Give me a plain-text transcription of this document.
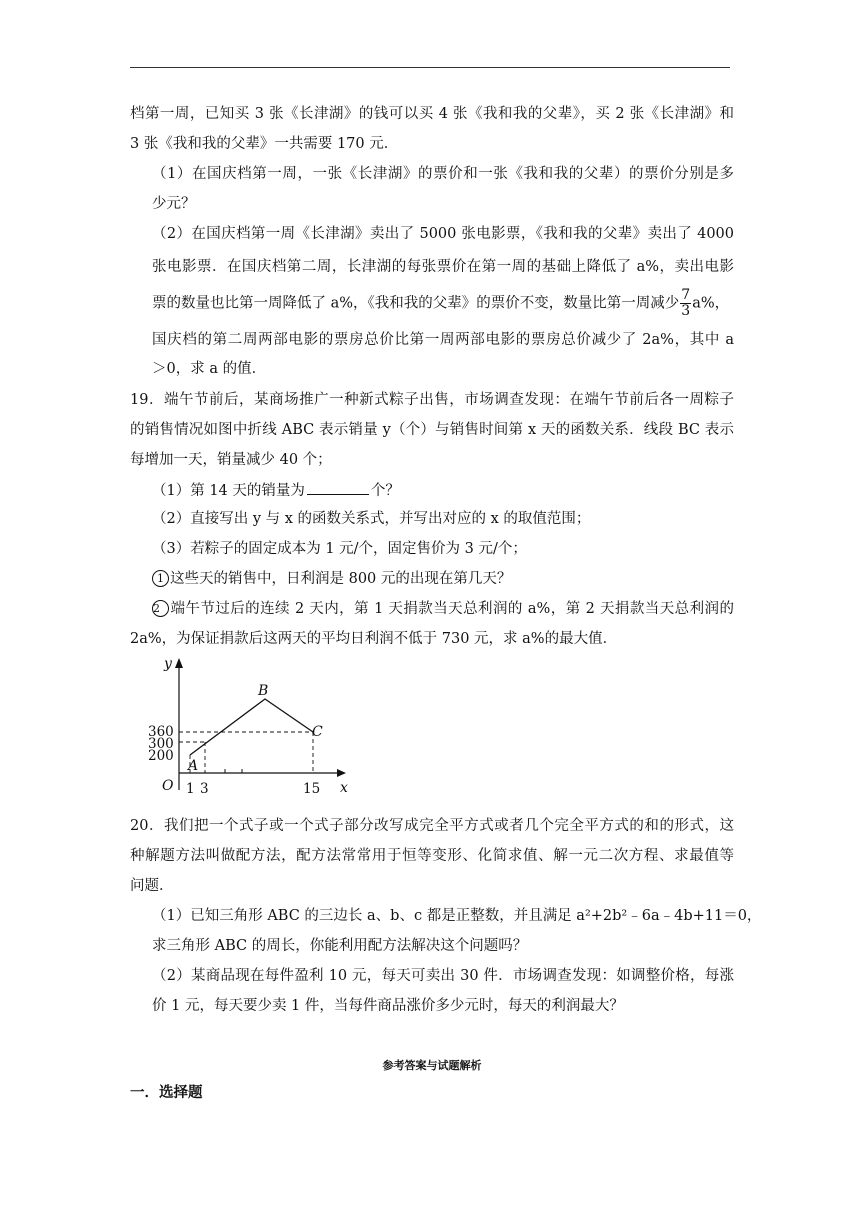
档第一周，已知买 3 张《长津湖》的钱可以买 4 张《我和我的父辈》，买 2 张《长津湖》和
3 张《我和我的父辈》一共需要 170 元．
（1）在国庆档第一周，一张《长津湖》的票价和一张《我和我的父辈）的票价分别是多
少元？
（2）在国庆档第一周《长津湖》卖出了 5000 张电影票，《我和我的父辈》卖出了 4000
张电影票．在国庆档第二周，长津湖的每张票价在第一周的基础上降低了 a%，卖出电影
票的数量也比第一周降低了 a%，《我和我的父辈》的票价不变，数量比第一周减少 $\frac{7}{3} a\%$，
国庆档的第二周两部电影的票房总价比第一周两部电影的票房总价减少了 2a%，其中 a
＞0，求 a 的值．
19．端午节前后，某商场推广一种新式粽子出售，市场调查发现：在端午节前后各一周粽子
的销售情况如图中折线 ABC 表示销量 y（个）与销售时间第 x 天的函数关系．线段 BC 表示
每增加一天，销量减少 40 个；
（1）第 14 天的销量为	个？
（2）直接写出 y 与 x 的函数关系式，并写出对应的 x 的取值范围；
（3）若粽子的固定成本为 1 元/个，固定售价为 3 元/个；
1 这些天的销售中，日利润是 800 元的出现在第几天？
2 端午节过后的连续 2 天内，第 1 天捐款当天总利润的 a%，第 2 天捐款当天总利润的
2a%，为保证捐款后这两天的平均日利润不低于 730 元，求 a%的最大值．
y
x
O
360
300
200
1 3	15
A
B
C
20．我们把一个式子或一个式子部分改写成完全平方式或者几个完全平方式的和的形式，这
种解题方法叫做配方法，配方法常常用于恒等变形、化简求值、解一元二次方程、求最值等
问题．
（1）已知三角形 ABC 的三边长 a、b、c 都是正整数，并且满足 a²+2b²﹣6a﹣4b+11＝0，
求三角形 ABC 的周长，你能利用配方法解决这个问题吗？
（2）某商品现在每件盈利 10 元，每天可卖出 30 件．市场调查发现：如调整价格，每涨
价 1 元，每天要少卖 1 件，当每件商品涨价多少元时，每天的利润最大？
参考答案与试题解析
一．选择题
